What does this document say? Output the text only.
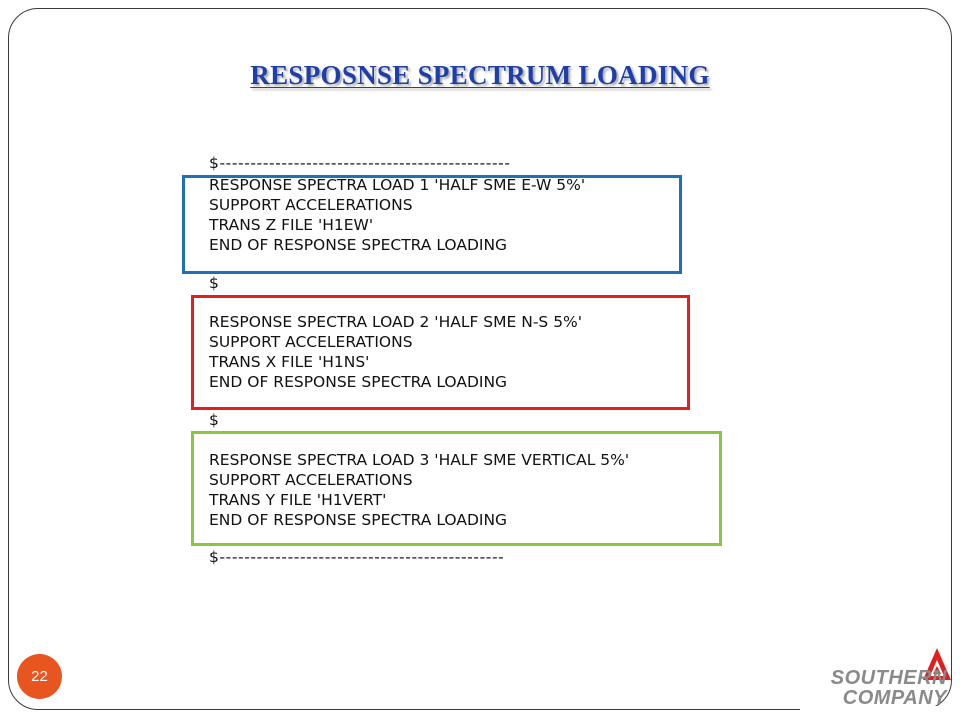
RESPOSNSE SPECTRUM LOADING
$-----------------------------------------------
RESPONSE SPECTRA LOAD 1 'HALF SME E-W 5%'
SUPPORT ACCELERATIONS
TRANS Z FILE 'H1EW'
END OF RESPONSE SPECTRA LOADING
$
RESPONSE SPECTRA LOAD 2 'HALF SME N-S 5%'
SUPPORT ACCELERATIONS
TRANS X FILE 'H1NS'
END OF RESPONSE SPECTRA LOADING
$
RESPONSE SPECTRA LOAD 3 'HALF SME VERTICAL 5%'
SUPPORT ACCELERATIONS
TRANS Y FILE 'H1VERT'
END OF RESPONSE SPECTRA LOADING
$----------------------------------------------
22	SOUTHERN
COMPANY
